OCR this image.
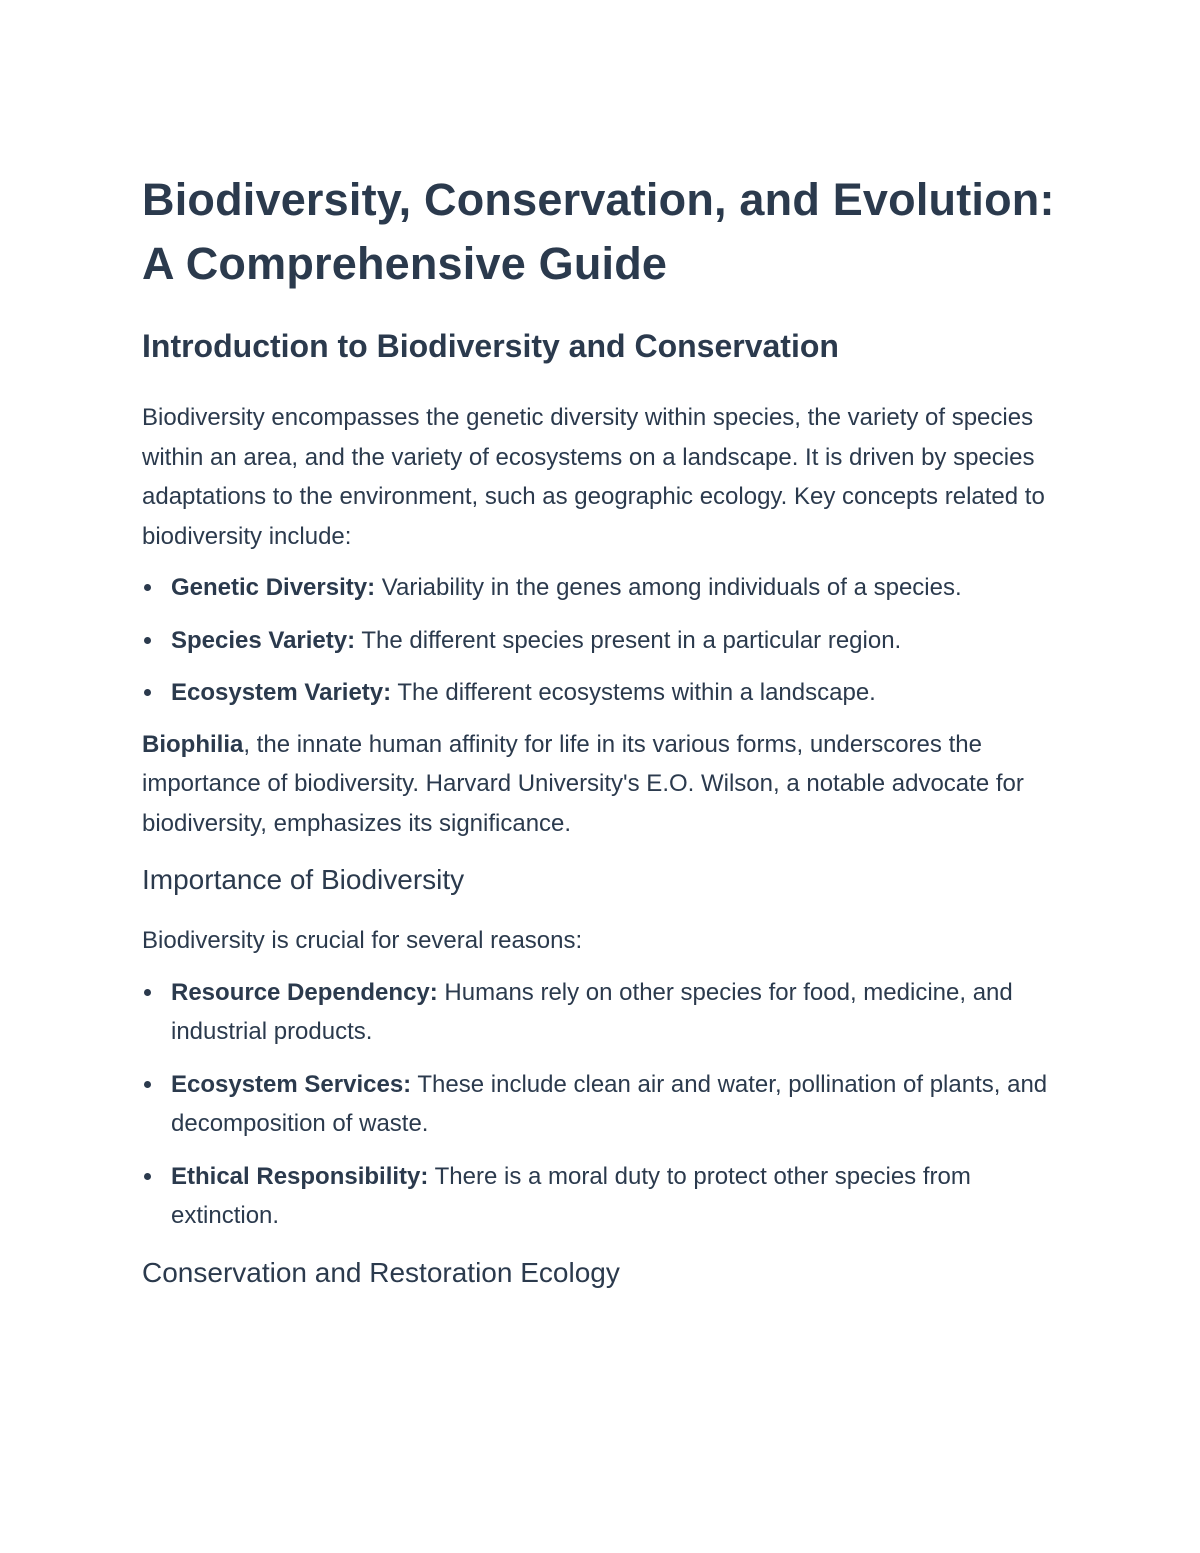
Biodiversity, Conservation, and Evolution: A Comprehensive Guide
Introduction to Biodiversity and Conservation

Biodiversity encompasses the genetic diversity within species, the variety of species within an area, and the variety of ecosystems on a landscape. It is driven by species adaptations to the environment, such as geographic ecology. Key concepts related to biodiversity include:

Genetic Diversity: Variability in the genes among individuals of a species.
Species Variety: The different species present in a particular region.
Ecosystem Variety: The different ecosystems within a landscape.

Biophilia, the innate human affinity for life in its various forms, underscores the importance of biodiversity. Harvard University's E.O. Wilson, a notable advocate for biodiversity, emphasizes its significance.

Importance of Biodiversity

Biodiversity is crucial for several reasons:

Resource Dependency: Humans rely on other species for food, medicine, and industrial products.
Ecosystem Services: These include clean air and water, pollination of plants, and decomposition of waste.
Ethical Responsibility: There is a moral duty to protect other species from extinction.
Conservation and Restoration Ecology
